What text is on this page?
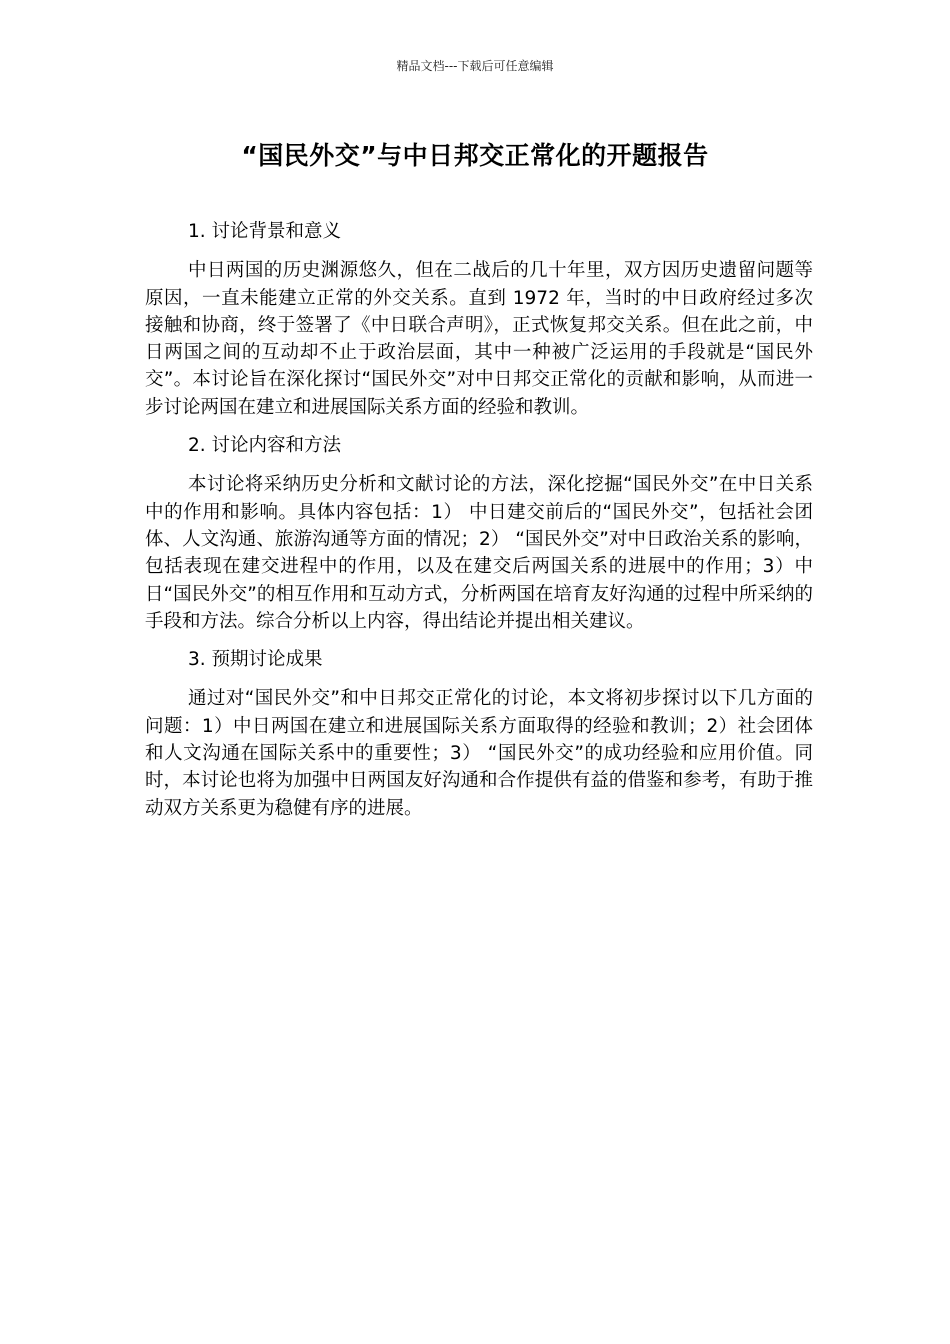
精品文档---下载后可任意编辑
“国民外交”与中日邦交正常化的开题报告

1. 讨论背景和意义

中日两国的历史渊源悠久，但在二战后的几十年里，双方因历史遗留问题等原因，一直未能建立正常的外交关系。直到 1972 年，当时的中日政府经过多次接触和协商，终于签署了《中日联合声明》，正式恢复邦交关系。但在此之前，中日两国之间的互动却不止于政治层面，其中一种被广泛运用的手段就是“国民外交”。本讨论旨在深化探讨“国民外交”对中日邦交正常化的贡献和影响，从而进一步讨论两国在建立和进展国际关系方面的经验和教训。

2. 讨论内容和方法

本讨论将采纳历史分析和文献讨论的方法，深化挖掘“国民外交”在中日关系中的作用和影响。具体内容包括：1） 中日建交前后的“国民外交”，包括社会团体、人文沟通、旅游沟通等方面的情况；2） “国民外交”对中日政治关系的影响，包括表现在建交进程中的作用，以及在建交后两国关系的进展中的作用；3）中日“国民外交”的相互作用和互动方式，分析两国在培育友好沟通的过程中所采纳的手段和方法。综合分析以上内容，得出结论并提出相关建议。

3. 预期讨论成果

通过对“国民外交”和中日邦交正常化的讨论，本文将初步探讨以下几方面的问题：1）中日两国在建立和进展国际关系方面取得的经验和教训；2）社会团体和人文沟通在国际关系中的重要性；3） “国民外交”的成功经验和应用价值。同时，本讨论也将为加强中日两国友好沟通和合作提供有益的借鉴和参考，有助于推动双方关系更为稳健有序的进展。
